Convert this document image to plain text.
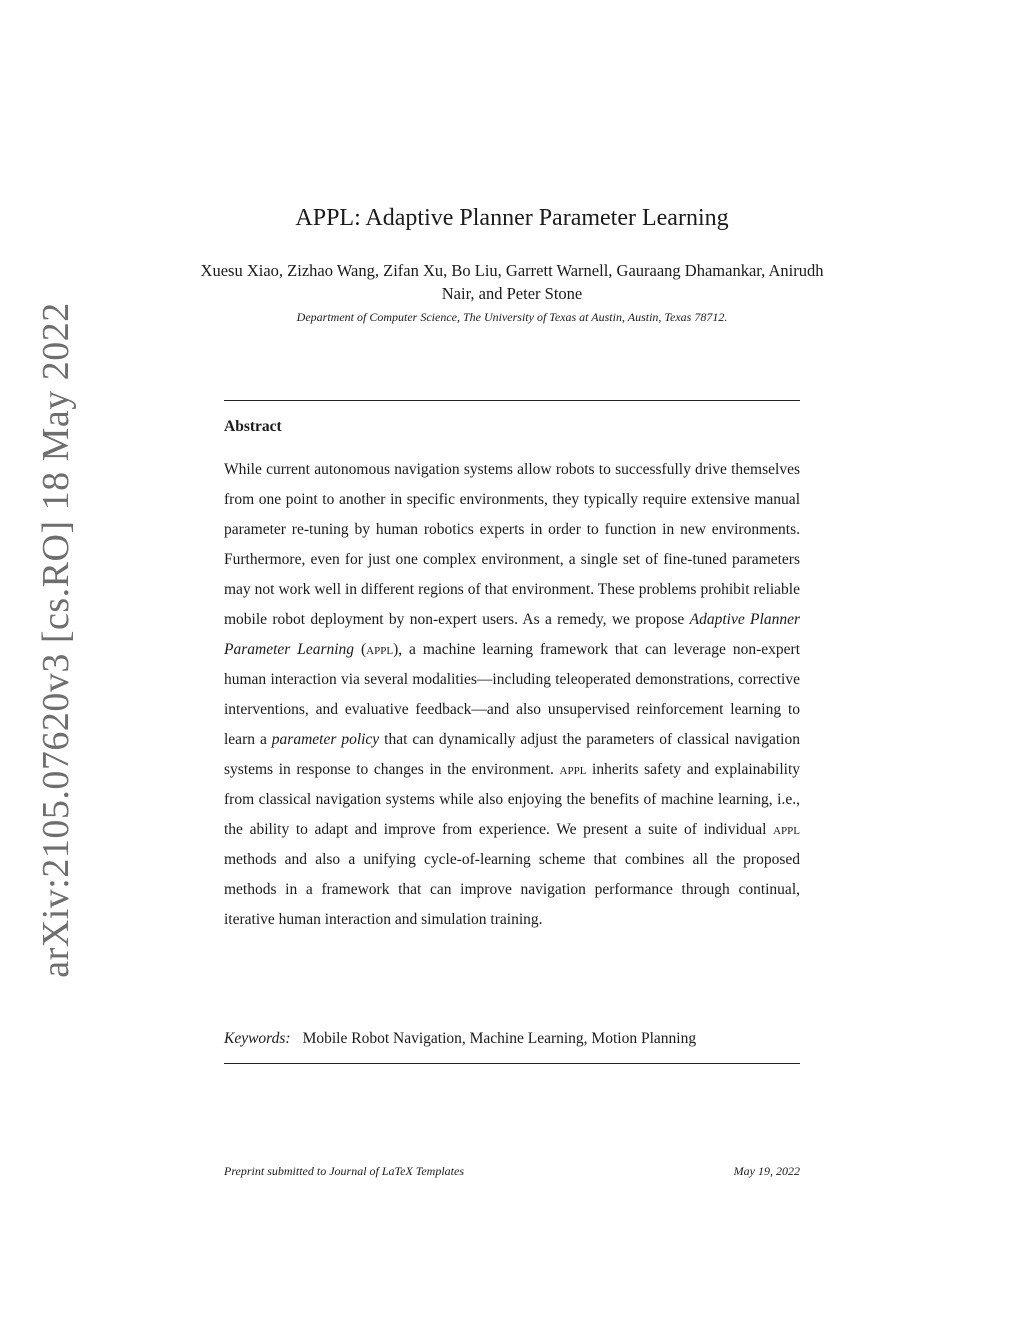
arXiv:2105.07620v3 [cs.RO] 18 May 2022
APPL: Adaptive Planner Parameter Learning
Xuesu Xiao, Zizhao Wang, Zifan Xu, Bo Liu, Garrett Warnell, Gauraang Dhamankar, Anirudh Nair, and Peter Stone
Department of Computer Science, The University of Texas at Austin, Austin, Texas 78712.
Abstract
While current autonomous navigation systems allow robots to successfully drive themselves from one point to another in specific environments, they typically require extensive manual parameter re-tuning by human robotics experts in order to function in new environments. Furthermore, even for just one complex environment, a single set of fine-tuned parameters may not work well in different regions of that environment. These problems prohibit reliable mobile robot deployment by non-expert users. As a remedy, we propose Adaptive Planner Parameter Learning (appl), a machine learning framework that can leverage non-expert human interaction via several modalities—including teleoperated demonstrations, corrective interventions, and evaluative feedback—and also unsupervised reinforcement learning to learn a parameter policy that can dynamically adjust the parameters of classical navigation systems in response to changes in the environment. appl inherits safety and explainability from classical navigation systems while also enjoying the benefits of machine learning, i.e., the ability to adapt and improve from experience. We present a suite of individual appl methods and also a unifying cycle-of-learning scheme that combines all the proposed methods in a framework that can improve navigation performance through continual, iterative human interaction and simulation training.
Keywords: Mobile Robot Navigation, Machine Learning, Motion Planning
Preprint submitted to Journal of LaTeX Templates	May 19, 2022
